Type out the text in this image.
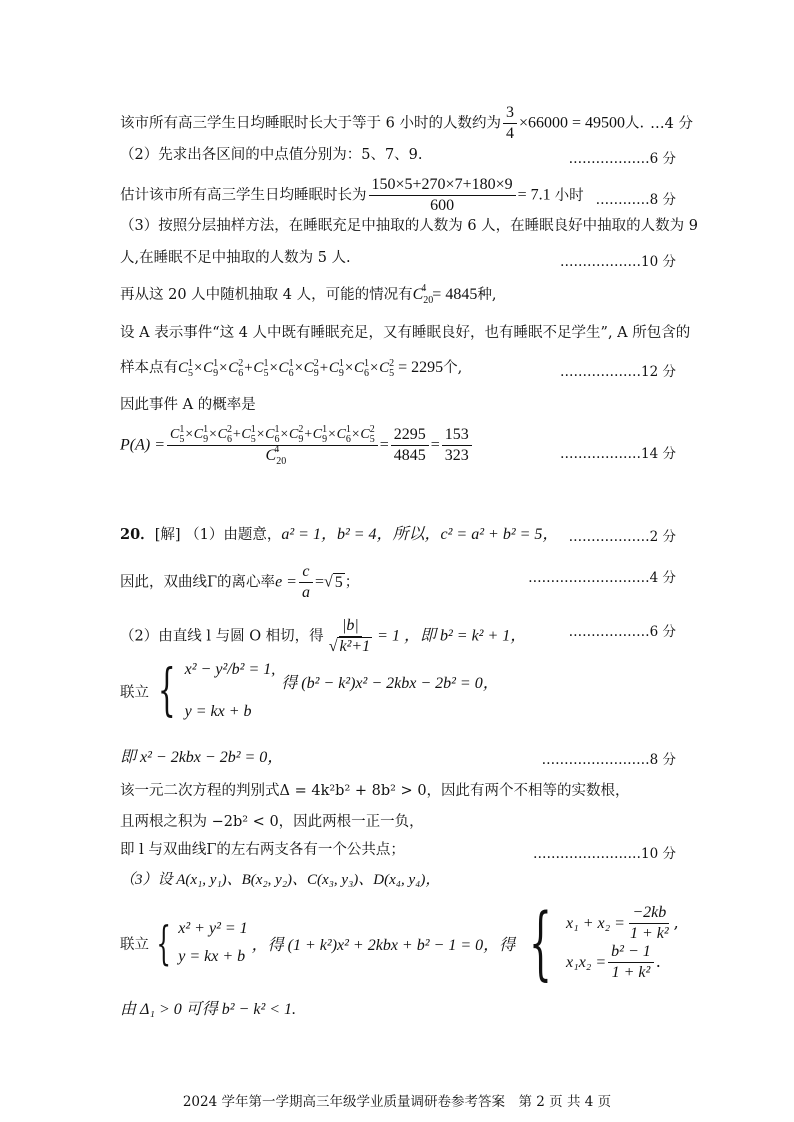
该市所有高三学生日均睡眠时长大于等于 6 小时的人数约为 $\frac{3}{4} \times 66000 = 49500$人. …4 分
（2）先求出各区间的中点值分别为：5、7、9.	………………6 分
估计该市所有高三学生日均睡眠时长为 $\frac{150\times 5+270\times 7+180\times 9}{600} = 7.1$ 小时 …………8 分
（3）按照分层抽样方法，在睡眠充足中抽取的人数为 6 人，在睡眠良好中抽取的人数为 9
人,在睡眠不足中抽取的人数为 5 人.	………………10 分
再从这 20 人中随机抽取 4 人，可能的情况有$C_{20}^4 = 4845$种,
设 A 表示事件“这 4 人中既有睡眠充足，又有睡眠良好，也有睡眠不足学生”, A 所包含的
样本点有$C_5^1\times C_9^1\times C_6^2+C_5^1\times C_6^1\times C_9^2+C_9^1\times C_6^1\times C_5^2 = 2295$个,	………………12 分
因此事件 A 的概率是
$P(A) = \frac{C_5^1\times C_9^1\times C_6^2+C_5^1\times C_6^1\times C_9^2+C_9^1\times C_6^1\times C_5^2}{C_{20}^4} = \frac{2295}{4845} = \frac{153}{323}$	………………14 分
20．[解] （1）由题意，a² = 1，b² = 4，所以，c² = a² + b² = 5， ………………2 分
因此，双曲线Γ的离心率$e = \frac{c}{a}$ =√ 5 ；	………………………4 分
（2）由直线 l 与圆 O 相切，得 $\frac{|b|}{\text{√ k²+1}} = 1$ ，即 b² = k² + 1，	………………6 分
联立 { x² − y²/b² = 1,
y = kx + b
得 (b² − k²)x² − 2kbx − 2b² = 0，
即 x² − 2kbx − 2b² = 0，	……………………8 分
该一元二次方程的判别式Δ = 4k²b² + 8b² > 0，因此有两个不相等的实数根，
且两根之积为 −2b² < 0，因此两根一正一负，
即 l 与双曲线Γ的左右两支各有一个公共点；	……………………10 分
（3）设 A(x₁, y₁)、B(x₂, y₂)、C(x₃, y₃)、D(x₄, y₄)，
联立 { x² + y² = 1
y = kx + b
，得 (1 + k²)x² + 2kbx + b² − 1 = 0，得 { $x_1 + x_2 = \frac{-2kb}{\text{1 + k²}}$ ,
$x_1x_2 = \frac{\text{b² − 1}}{\text{1 + k²}}$ .
由 Δ₁ > 0 可得 b² − k² < 1.
2024 学年第一学期高三年级学业质量调研卷参考答案　第 2 页 共 4 页
